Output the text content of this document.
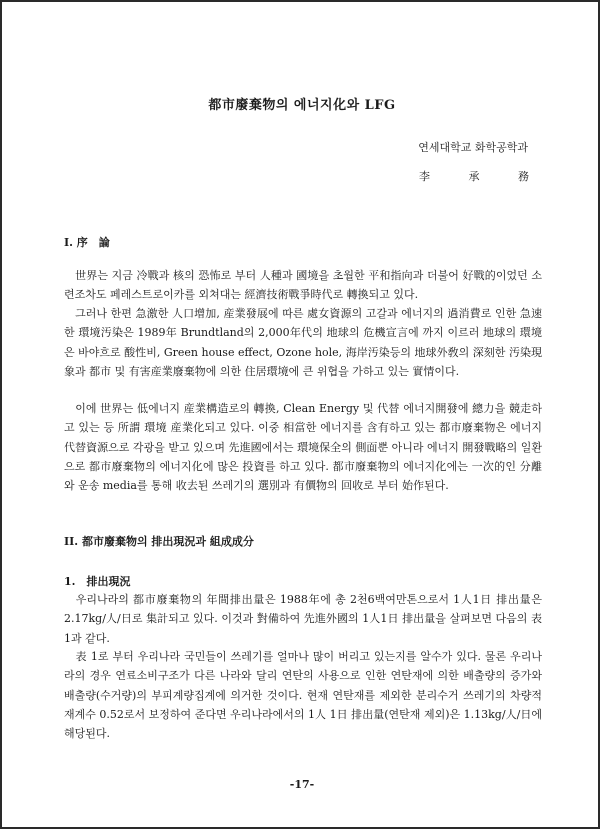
都市廢棄物의 에너지化와 LFG
연세대학교 화학공학과
李	承	務
I. 序　論

　世界는 지금 冷戰과 核의 恐怖로 부터 人種과 國境을 초월한 平和指向과 더불어 好戰的이었던 소련조차도 페레스트로이카를 외쳐대는 經濟技術戰爭時代로 轉換되고 있다.

　그러나 한편 急激한 人口增加, 産業發展에 따른 處女資源의 고갈과 에너지의 過消費로 인한 急速한 環境汚染은 1989年 Brundtland의 2,000年代의 地球의 危機宣言에 까지 이르러 地球의 環境은 바야흐로 酸性비, Green house effect, Ozone hole, 海岸汚染등의 地球外敎의 深刻한 汚染現象과 都市 및 有害産業廢棄物에 의한 住居環境에 큰 위협을 가하고 있는 實情이다.

　이에 世界는 低에너지 産業構造로의 轉換, Clean Energy 및 代替 에너지開發에 總力을 競走하고 있는 등 所謂 環境 産業化되고 있다. 이중 相當한 에너지를 含有하고 있는 都市廢棄物은 에너지 代替資源으로 각광을 받고 있으며 先進國에서는 環境保全의 側面뿐 아니라 에너지 開發戰略의 일환으로 都市廢棄物의 에너지化에 많은 投資를 하고 있다. 都市廢棄物의 에너지化에는 一次的인 分離와 운송 media를 통해 收去된 쓰레기의 選別과 有價物의 回收로 부터 始作된다.

II. 都市廢棄物의 排出現況과 組成成分
1.　排出現況

　우리나라의 都市廢棄物의 年間排出量은 1988年에 총 2천6백여만톤으로서 1人1日 排出量은 2.17kg/人/日로 集計되고 있다. 이것과 對備하여 先進外國의 1人1日 排出量을 살펴보면 다음의 表 1과 같다.

　表 1로 부터 우리나라 국민들이 쓰레기를 얼마나 많이 버리고 있는지를 알수가 있다. 물론 우리나라의 경우 연료소비구조가 다른 나라와 달리 연탄의 사용으로 인한 연탄재에 의한 배출량의 증가와 배출량(수거량)의 부피계량집계에 의거한 것이다. 현재 연탄재를 제외한 분리수거 쓰레기의 차량적재계수 0.52로서 보정하여 준다면 우리나라에서의 1人 1日 排出量(연탄재 제외)은 1.13kg/人/日에 해당된다.

-17-
